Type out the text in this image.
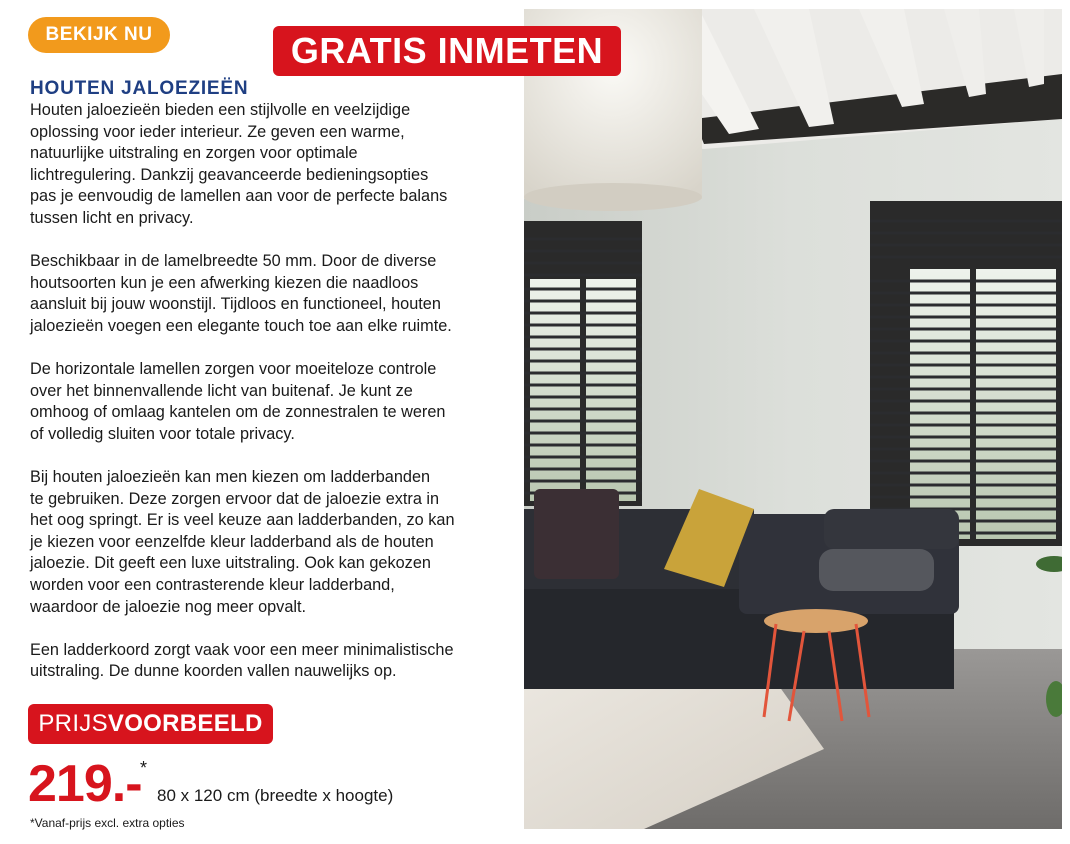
BEKIJK NU	GRATIS INMETEN
HOUTEN JALOEZIEËN

Houten jaloezieën bieden een stijlvolle en veelzijdige
oplossing voor ieder interieur. Ze geven een warme,
natuurlijke uitstraling en zorgen voor optimale
lichtregulering. Dankzij geavanceerde bedieningsopties
pas je eenvoudig de lamellen aan voor de perfecte balans
tussen licht en privacy.

Beschikbaar in de lamelbreedte 50 mm. Door de diverse
houtsoorten kun je een afwerking kiezen die naadloos
aansluit bij jouw woonstijl. Tijdloos en functioneel, houten
jaloezieën voegen een elegante touch toe aan elke ruimte.

De horizontale lamellen zorgen voor moeiteloze controle
over het binnenvallende licht van buitenaf. Je kunt ze
omhoog of omlaag kantelen om de zonnestralen te weren
of volledig sluiten voor totale privacy.

Bij houten jaloezieën kan men kiezen om ladderbanden
te gebruiken. Deze zorgen ervoor dat de jaloezie extra in
het oog springt. Er is veel keuze aan ladderbanden, zo kan
je kiezen voor eenzelfde kleur ladderband als de houten
jaloezie. Dit geeft een luxe uitstraling. Ook kan gekozen
worden voor een contrasterende kleur ladderband,
waardoor de jaloezie nog meer opvalt.

Een ladderkoord zorgt vaak voor een meer minimalistische
uitstraling. De dunne koorden vallen nauwelijks op.

PRIJS VOORBEELD
219.-
*
80 x 120 cm (breedte x hoogte)
*Vanaf-prijs excl. extra opties
